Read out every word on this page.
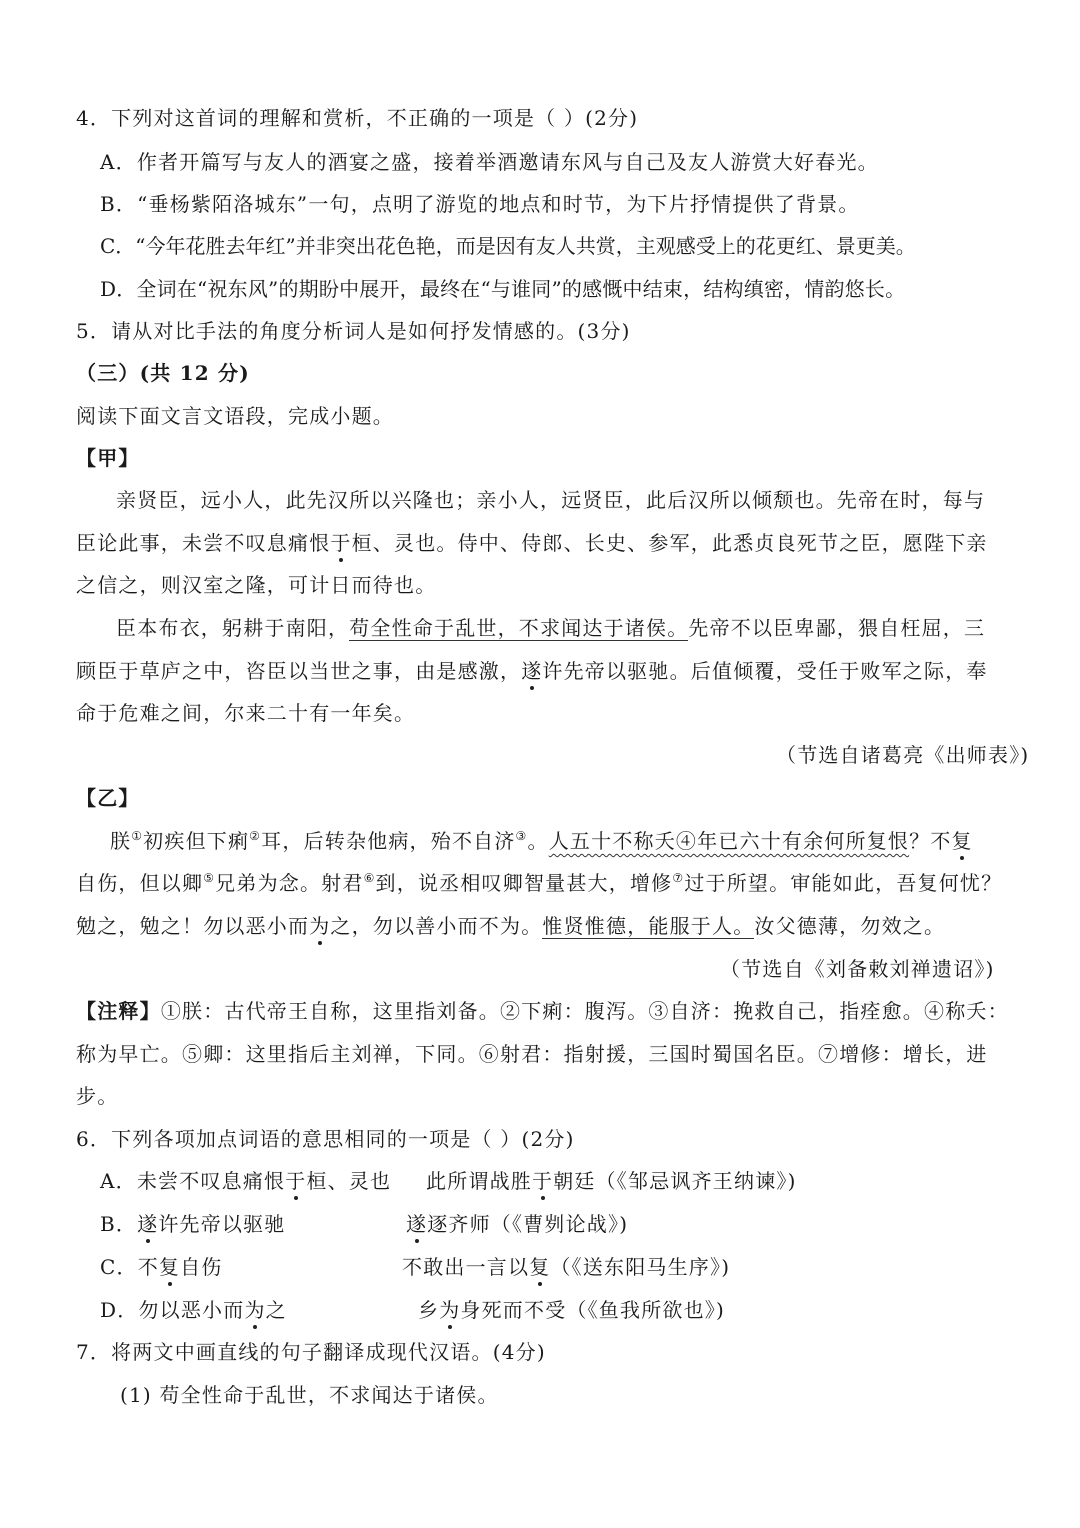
4．下列对这首词的理解和赏析，不正确的一项是（ ）(2分)
A．作者开篇写与友人的酒宴之盛，接着举酒邀请东风与自己及友人游赏大好春光。
B．“垂杨紫陌洛城东”一句，点明了游览的地点和时节，为下片抒情提供了背景。
C．“今年花胜去年红”并非突出花色艳，而是因有友人共赏，主观感受上的花更红、景更美。
D．全词在“祝东风”的期盼中展开，最终在“与谁同”的感慨中结束，结构缜密，情韵悠长。
5．请从对比手法的角度分析词人是如何抒发情感的。(3分)
（三）(共 12 分)
阅读下面文言文语段，完成小题。
【甲】
亲贤臣，远小人，此先汉所以兴隆也；亲小人，远贤臣，此后汉所以倾颓也。先帝在时，每与
臣论此事，未尝不叹息痛恨于桓、灵也。侍中、侍郎、长史、参军，此悉贞良死节之臣，愿陛下亲
之信之，则汉室之隆，可计日而待也。
臣本布衣，躬耕于南阳，苟全性命于乱世，不求闻达于诸侯。先帝不以臣卑鄙，猥自枉屈，三
顾臣于草庐之中，咨臣以当世之事，由是感激，遂许先帝以驱驰。后值倾覆，受任于败军之际，奉
命于危难之间，尔来二十有一年矣。
（节选自诸葛亮《出师表》)
【乙】
朕①初疾但下痢②耳，后转杂他病，殆不自济③。人五十不称夭④年已六十有余何所复恨？不复
自伤，但以卿⑤兄弟为念。射君⑥到，说丞相叹卿智量甚大，增修⑦过于所望。审能如此，吾复何忧？
勉之，勉之！勿以恶小而为之，勿以善小而不为。惟贤惟德，能服于人。汝父德薄，勿效之。
（节选自《刘备敕刘禅遗诏》)
【注释】①朕：古代帝王自称，这里指刘备。②下痢：腹泻。③自济：挽救自己，指痊愈。④称夭：
称为早亡。⑤卿：这里指后主刘禅，下同。⑥射君：指射援，三国时蜀国名臣。⑦增修：增长，进
步。
6．下列各项加点词语的意思相同的一项是（ ）(2分)
A．未尝不叹息痛恨于桓、灵也 此所谓战胜于朝廷（《邹忌讽齐王纳谏》)
B．遂许先帝以驱驰	遂逐齐师（《曹刿论战》)
C．不复自伤	不敢出一言以复（《送东阳马生序》)
D．勿以恶小而为之	乡为身死而不受（《鱼我所欲也》)
7．将两文中画直线的句子翻译成现代汉语。(4分)
(1) 苟全性命于乱世，不求闻达于诸侯。
